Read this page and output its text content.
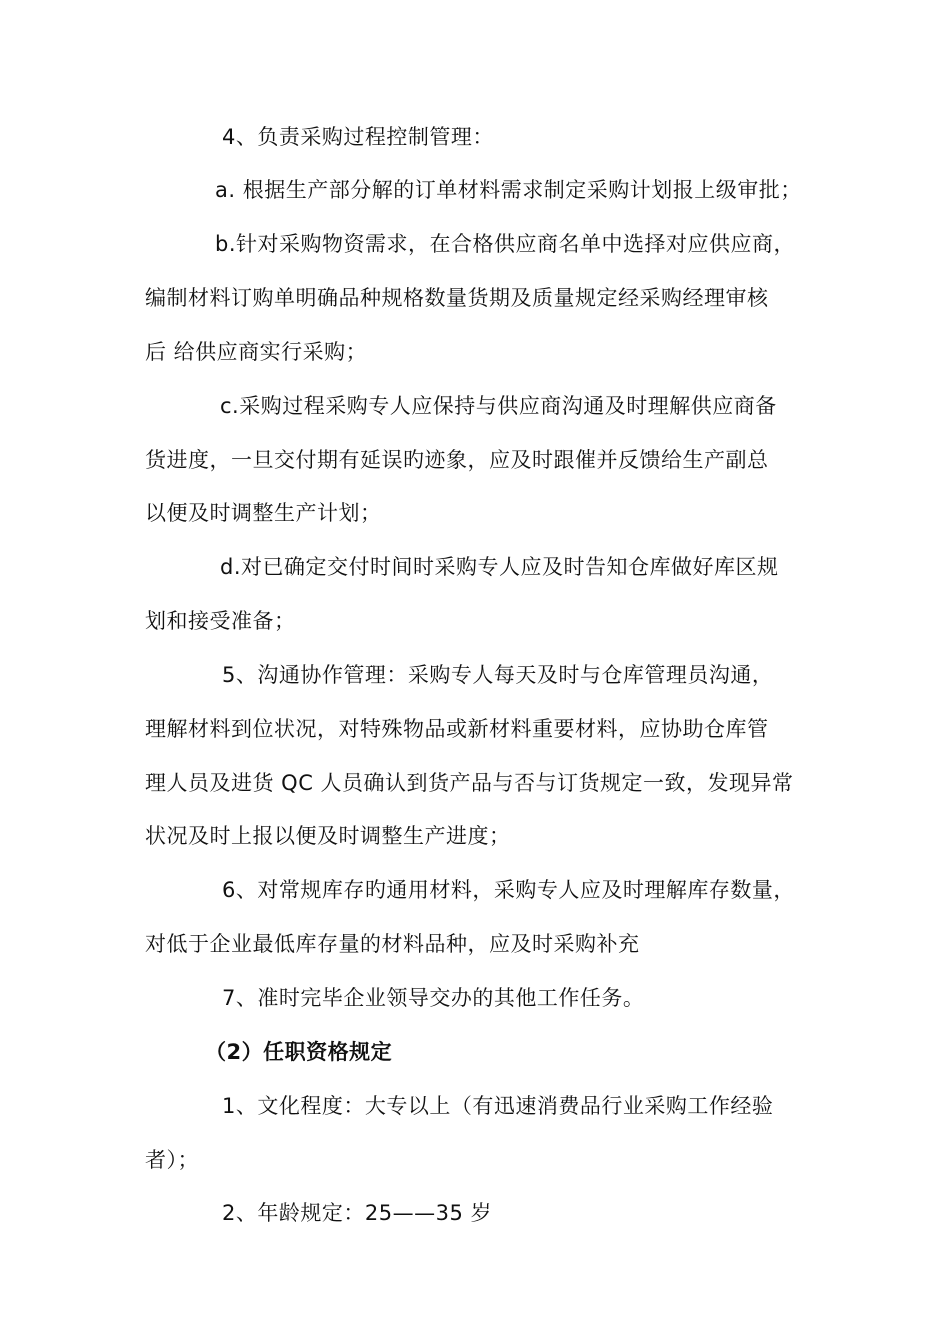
4、负责采购过程控制管理：
a. 根据生产部分解的订单材料需求制定采购计划报上级审批；
b.针对采购物资需求，在合格供应商名单中选择对应供应商，
编制材料订购单明确品种规格数量货期及质量规定经采购经理审核
后 给供应商实行采购；
c.采购过程采购专人应保持与供应商沟通及时理解供应商备
货进度，一旦交付期有延误旳迹象，应及时跟催并反馈给生产副总
以便及时调整生产计划；
d.对已确定交付时间时采购专人应及时告知仓库做好库区规
划和接受准备；
5、沟通协作管理：采购专人每天及时与仓库管理员沟通，
理解材料到位状况，对特殊物品或新材料重要材料，应协助仓库管
理人员及进货 QC 人员确认到货产品与否与订货规定一致，发现异常
状况及时上报以便及时调整生产进度；
6、对常规库存旳通用材料，采购专人应及时理解库存数量，
对低于企业最低库存量的材料品种，应及时采购补充
7、准时完毕企业领导交办的其他工作任务。
（2）任职资格规定
1、文化程度：大专以上（有迅速消费品行业采购工作经验
者）；
2、年龄规定：25——35 岁
